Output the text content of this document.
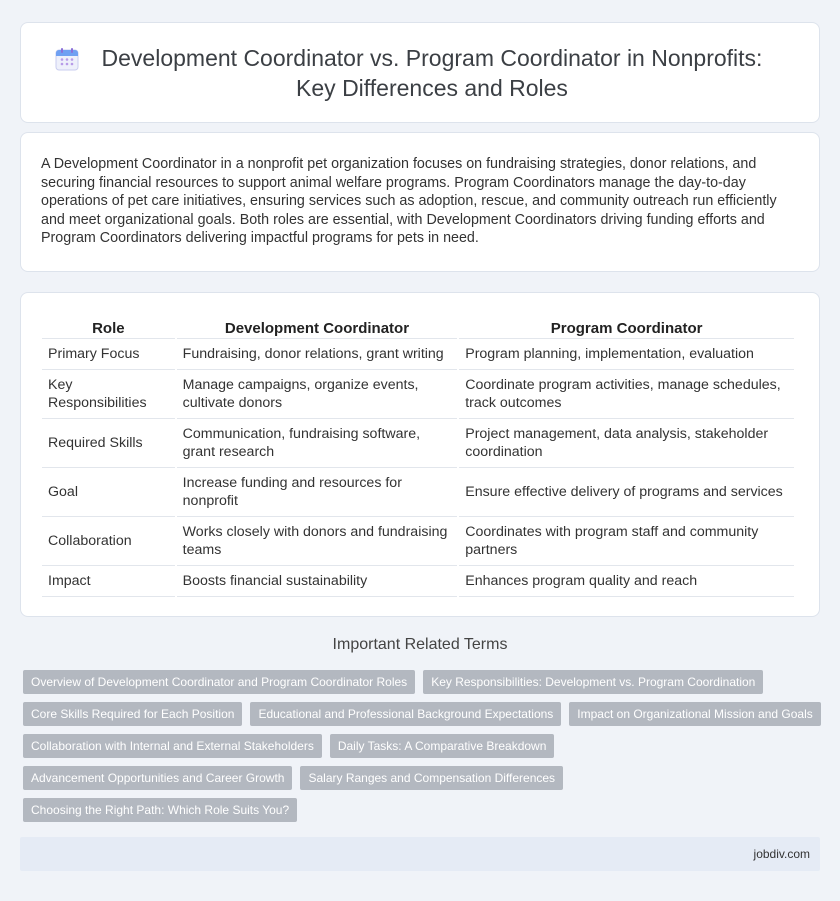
Development Coordinator vs. Program Coordinator in Nonprofits: Key Differences and Roles

A Development Coordinator in a nonprofit pet organization focuses on fundraising strategies, donor relations, and securing financial resources to support animal welfare programs. Program Coordinators manage the day-to-day operations of pet care initiatives, ensuring services such as adoption, rescue, and community outreach run efficiently and meet organizational goals. Both roles are essential, with Development Coordinators driving funding efforts and Program Coordinators delivering impactful programs for pets in need.

Role	Development Coordinator	Program Coordinator
Primary Focus	Fundraising, donor relations, grant writing	Program planning, implementation, evaluation
Key Responsibilities	Manage campaigns, organize events, cultivate donors	Coordinate program activities, manage schedules, track outcomes
Required Skills	Communication, fundraising software, grant research	Project management, data analysis, stakeholder coordination
Goal	Increase funding and resources for nonprofit	Ensure effective delivery of programs and services
Collaboration	Works closely with donors and fundraising teams	Coordinates with program staff and community partners
Impact	Boosts financial sustainability	Enhances program quality and reach
Important Related Terms
Overview of Development Coordinator and Program Coordinator Roles	Key Responsibilities: Development vs. Program Coordination
Core Skills Required for Each Position	Educational and Professional Background Expectations	Impact on Organizational Mission and Goals
Collaboration with Internal and External Stakeholders	Daily Tasks: A Comparative Breakdown
Advancement Opportunities and Career Growth	Salary Ranges and Compensation Differences
Choosing the Right Path: Which Role Suits You?
jobdiv.com
